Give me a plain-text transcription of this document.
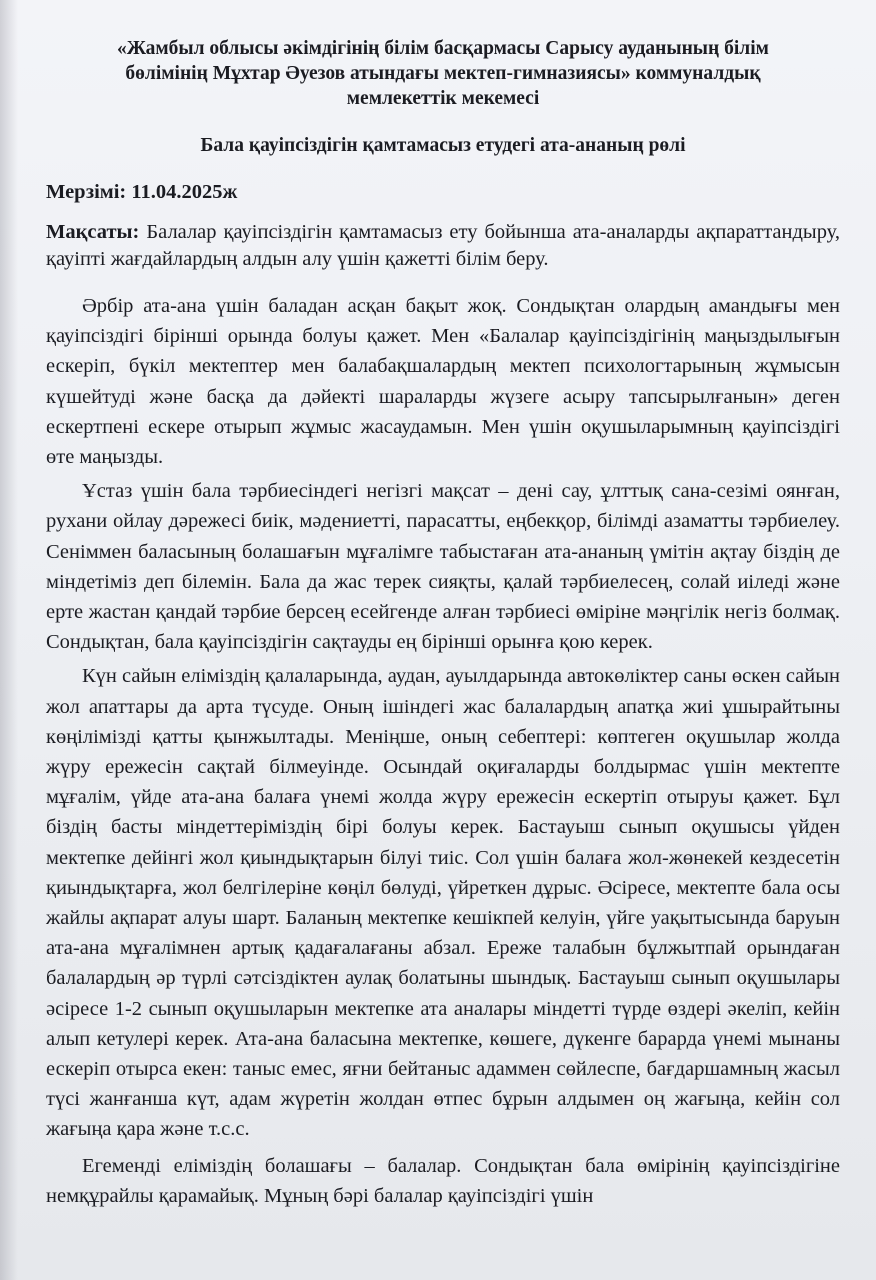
«Жамбыл облысы әкімдігінің білім басқармасы Сарысу ауданының білім
бөлімінің Мұхтар Әуезов атындағы мектеп-гимназиясы» коммуналдық
мемлекеттік мекемесі
Бала қауіпсіздігін қамтамасыз етудегі ата-ананың рөлі
Мерзімі: 11.04.2025ж

Мақсаты: Балалар қауіпсіздігін қамтамасыз ету бойынша ата-аналарды ақпараттандыру, қауіпті жағдайлардың алдын алу үшін қажетті білім беру.

Әрбір ата-ана үшін баладан асқан бақыт жоқ. Сондықтан олардың амандығы мен қауіпсіздігі бірінші орында болуы қажет. Мен «Балалар қауіпсіздігінің маңыздылығын ескеріп, бүкіл мектептер мен балабақшалардың мектеп психологтарының жұмысын күшейтуді және басқа да дәйекті шараларды жүзеге асыру тапсырылғанын» деген ескертпені ескере отырып жұмыс жасаудамын. Мен үшін оқушыларымның қауіпсіздігі өте маңызды.

Ұстаз үшін бала тәрбиесіндегі негізгі мақсат – дені сау, ұлттық сана-сезімі оянған, рухани ойлау дәрежесі биік, мәдениетті, парасатты, еңбекқор, білімді азаматты тәрбиелеу. Сеніммен баласының болашағын мұғалімге табыстаған ата-ананың үмітін ақтау біздің де міндетіміз деп білемін. Бала да жас терек сияқты, қалай тәрбиелесең, солай иіледі және ерте жастан қандай тәрбие берсең есейгенде алған тәрбиесі өміріне мәңгілік негіз болмақ. Сондықтан, бала қауіпсіздігін сақтауды ең бірінші орынға қою керек.

Күн сайын еліміздің қалаларында, аудан, ауылдарында автокөліктер саны өскен сайын жол апаттары да арта түсуде. Оның ішіндегі жас балалардың апатқа жиі ұшырайтыны көңілімізді қатты қынжылтады. Меніңше, оның себептері: көптеген оқушылар жолда жүру ережесін сақтай білмеуінде. Осындай оқиғаларды болдырмас үшін мектепте мұғалім, үйде ата-ана балаға үнемі жолда жүру ережесін ескертіп отыруы қажет. Бұл біздің басты міндеттеріміздің бірі болуы керек. Бастауыш сынып оқушысы үйден мектепке дейінгі жол қиындықтарын білуі тиіс. Сол үшін балаға жол-жөнекей кездесетін қиындықтарға, жол белгілеріне көңіл бөлуді, үйреткен дұрыс. Әсіресе, мектепте бала осы жайлы ақпарат алуы шарт. Баланың мектепке кешікпей келуін, үйге уақытысында баруын ата-ана мұғалімнен артық қадағалағаны абзал. Ереже талабын бұлжытпай орындаған балалардың әр түрлі сәтсіздіктен аулақ болатыны шындық. Бастауыш сынып оқушылары әсіресе 1-2 сынып оқушыларын мектепке ата аналары міндетті түрде өздері әкеліп, кейін алып кетулері керек. Ата-ана баласына мектепке, көшеге, дүкенге барарда үнемі мынаны ескеріп отырса екен: таныс емес, яғни бейтаныс адаммен сөйлеспе, бағдаршамның жасыл түсі жанғанша күт, адам жүретін жолдан өтпес бұрын алдымен оң жағыңа, кейін сол жағыңа қара және т.с.с.

Егеменді еліміздің болашағы – балалар. Сондықтан бала өмірінің қауіпсіздігіне немқұрайлы қарамайық. Мұның бәрі балалар қауіпсіздігі үшін
